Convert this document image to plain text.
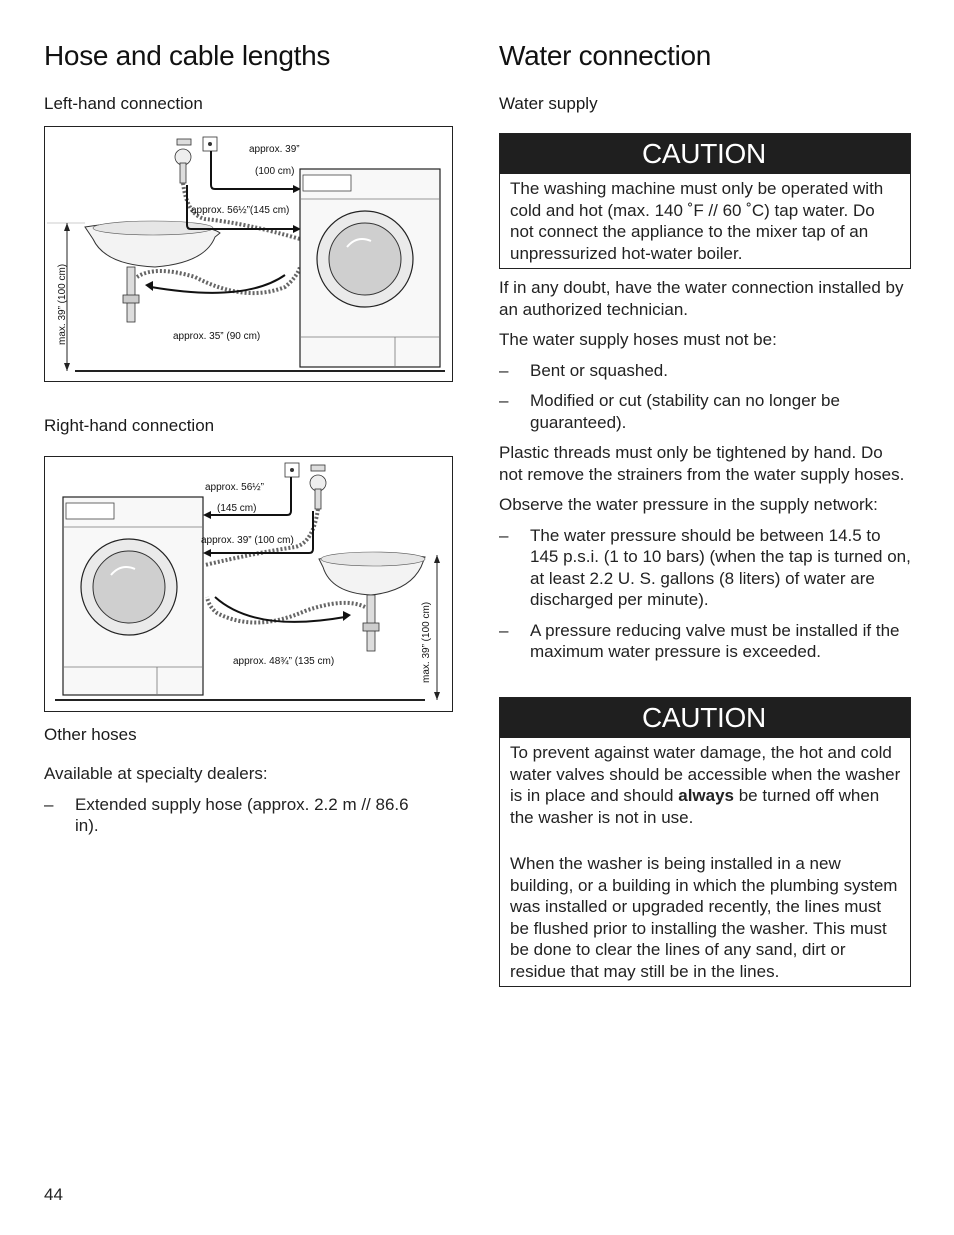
Hose and cable lengths
Left-hand connection
max. 39” (100 cm)
approx. 39”
(100 cm)
approx. 56½”(145 cm)
approx. 35” (90 cm)
Right-hand connection
max. 39” (100 cm)
approx. 56½”
(145 cm)
approx. 39” (100 cm)
approx. 48¾” (135 cm)
Other hoses

Available at specialty dealers:

– Extended supply hose (approx. 2.2 m // 86.6 in).
Water connection
Water supply
CAUTION
The washing machine must only be operated with cold and hot (max. 140 ˚F // 60 ˚C) tap water. Do not connect the appliance to the mixer tap of an unpressurized hot-water boiler.

If in any doubt, have the water connection installed by an authorized technician.

The water supply hoses must not be:

– Bent or squashed.
– Modified or cut (stability can no longer be guaranteed).

Plastic threads must only be tightened by hand. Do not remove the strainers from the water supply hoses.

Observe the water pressure in the supply network:

– The water pressure should be between 14.5 to 145 p.s.i. (1 to 10 bars) (when the tap is turned on, at least 2.2 U. S. gallons (8 liters) of water are discharged per minute).
– A pressure reducing valve must be installed if the maximum water pressure is exceeded.
CAUTION
To prevent against water damage, the hot and cold water valves should be accessible when the washer is in place and should always be turned off when the washer is not in use.
When the washer is being installed in a new building, or a building in which the plumbing system was installed or upgraded recently, the lines must be flushed prior to installing the washer. This must be done to clear the lines of any sand, dirt or residue that may still be in the lines.
44
